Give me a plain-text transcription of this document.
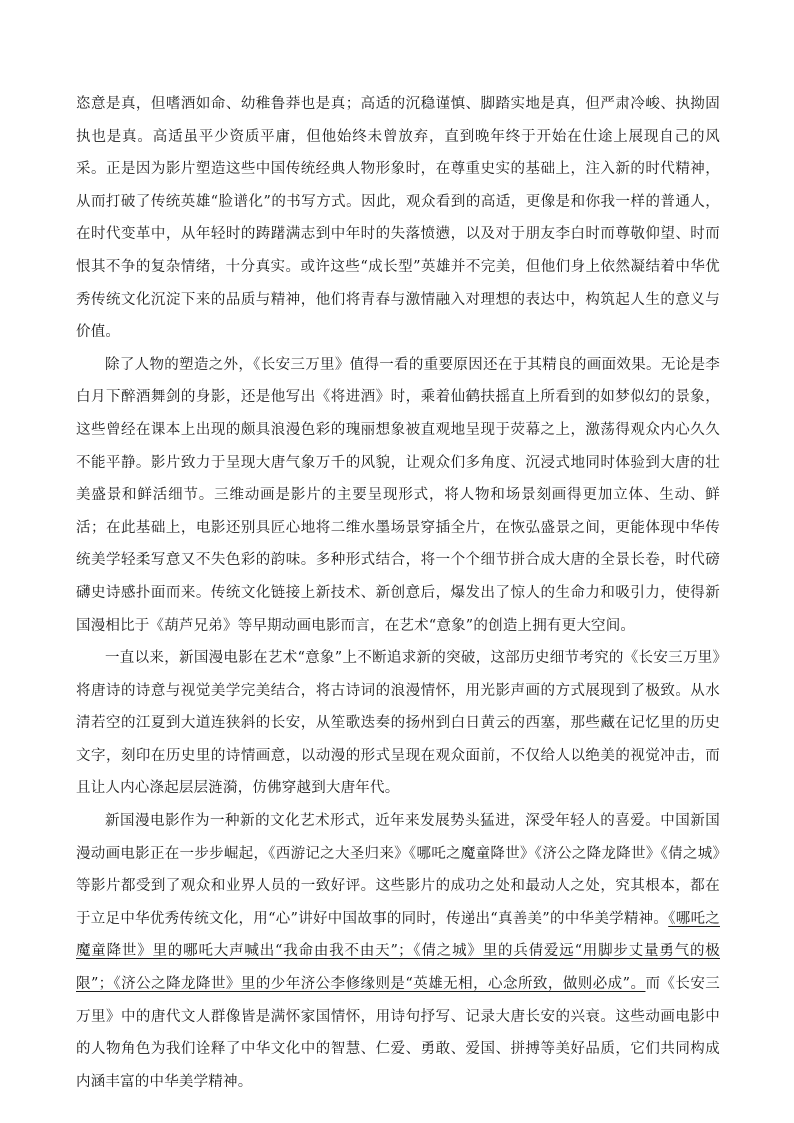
恣意是真，但嗜酒如命、幼稚鲁莽也是真；高适的沉稳谨慎、脚踏实地是真，但严肃冷峻、执拗固执也是真。高适虽平少资质平庸，但他始终未曾放弃，直到晚年终于开始在仕途上展现自己的风采。正是因为影片塑造这些中国传统经典人物形象时，在尊重史实的基础上，注入新的时代精神，从而打破了传统英雄“脸谱化”的书写方式。因此，观众看到的高适，更像是和你我一样的普通人，在时代变革中，从年轻时的踌躇满志到中年时的失落愤懑，以及对于朋友李白时而尊敬仰望、时而恨其不争的复杂情绪，十分真实。或许这些“成长型”英雄并不完美，但他们身上依然凝结着中华优秀传统文化沉淀下来的品质与精神，他们将青春与激情融入对理想的表达中，构筑起人生的意义与价值。

除了人物的塑造之外，《长安三万里》值得一看的重要原因还在于其精良的画面效果。无论是李白月下醉酒舞剑的身影，还是他写出《将进酒》时，乘着仙鹤扶摇直上所看到的如梦似幻的景象，这些曾经在课本上出现的颇具浪漫色彩的瑰丽想象被直观地呈现于荧幕之上，激荡得观众内心久久不能平静。影片致力于呈现大唐气象万千的风貌，让观众们多角度、沉浸式地同时体验到大唐的壮美盛景和鲜活细节。三维动画是影片的主要呈现形式，将人物和场景刻画得更加立体、生动、鲜活；在此基础上，电影还别具匠心地将二维水墨场景穿插全片，在恢弘盛景之间，更能体现中华传统美学轻柔写意又不失色彩的韵味。多种形式结合，将一个个细节拼合成大唐的全景长卷，时代磅礴史诗感扑面而来。传统文化链接上新技术、新创意后，爆发出了惊人的生命力和吸引力，使得新国漫相比于《葫芦兄弟》等早期动画电影而言，在艺术“意象”的创造上拥有更大空间。

一直以来，新国漫电影在艺术“意象”上不断追求新的突破，这部历史细节考究的《长安三万里》将唐诗的诗意与视觉美学完美结合，将古诗词的浪漫情怀，用光影声画的方式展现到了极致。从水清若空的江夏到大道连狭斜的长安，从笙歌迭奏的扬州到白日黄云的西塞，那些藏在记忆里的历史文字，刻印在历史里的诗情画意，以动漫的形式呈现在观众面前，不仅给人以绝美的视觉冲击，而且让人内心涤起层层涟漪，仿佛穿越到大唐年代。

新国漫电影作为一种新的文化艺术形式，近年来发展势头猛进，深受年轻人的喜爱。中国新国漫动画电影正在一步步崛起，《西游记之大圣归来》《哪吒之魔童降世》《济公之降龙降世》《倩之城》等影片都受到了观众和业界人员的一致好评。这些影片的成功之处和最动人之处，究其根本，都在于立足中华优秀传统文化，用“心”讲好中国故事的同时，传递出“真善美”的中华美学精神。《哪吒之魔童降世》里的哪吒大声喊出“我命由我不由天”；《倩之城》里的兵倩爱远“用脚步丈量勇气的极限”；《济公之降龙降世》里的少年济公李修缘则是“英雄无相，心念所致，做则必成”。而《长安三万里》中的唐代文人群像皆是满怀家国情怀，用诗句抒写、记录大唐长安的兴衰。这些动画电影中的人物角色为我们诠释了中华文化中的智慧、仁爱、勇敢、爱国、拼搏等美好品质，它们共同构成内涵丰富的中华美学精神。
